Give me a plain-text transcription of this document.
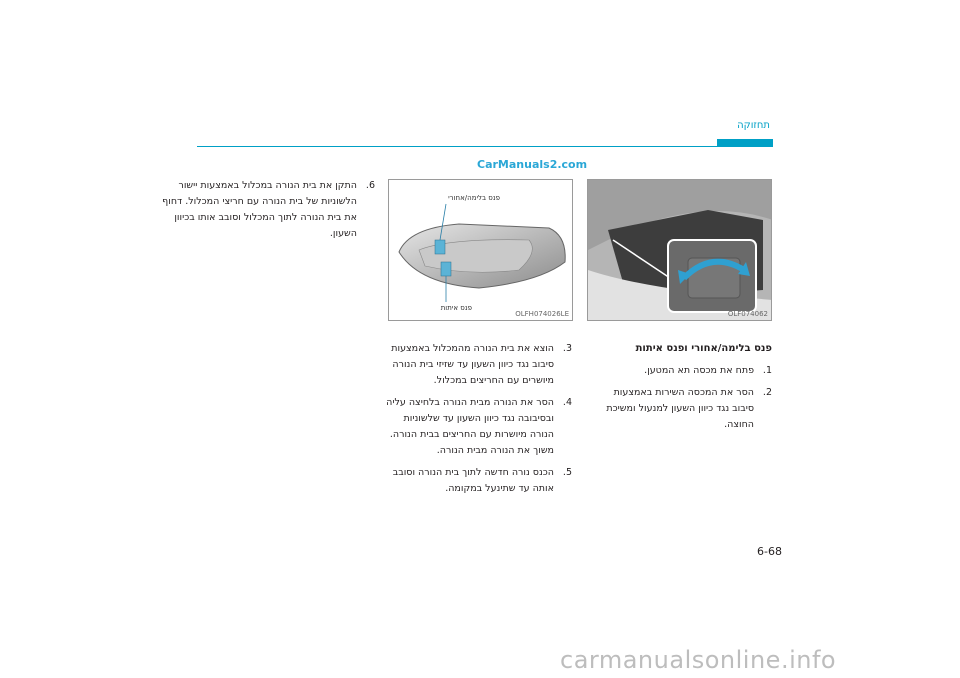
תחזוקה
CarManuals2.com
פנס בלימה/אחורי
פנס איתות
OLFH074026LE	OLF074062
פנס בלימה/אחורי ופנס איתות
1.

פתח את מכסה תא המטען.

2.

הסר את המכסה השירות באמצעות סיבוב נגד כיוון השעון למנעול ומשיכת החוצה.

3.

הוצא את בית הנורה מהמכלול באמצעות סיבוב נגד כיוון השעון עד שזיזי בית הנורה מיושרים עם החריצים במכלול.

4.

הסר את הנורה מבית הנורה בלחיצה עליה ובסיבובה נגד כיוון השעון עד שלשוניות הנורה מיושרות עם החריצים בבית הנורה. משוך את הנורה מבית הנורה.

5.

הכנס נורה חדשה לתוך בית הנורה וסובב אותה עד שתינעל במקומה.

6.

התקן את בית הנורה במכלול באמצעות יישור הלשוניות של בית הנורה עם חריצי המכלול. דחוף את בית הנורה לתוך המכלול וסובב אותו בכיוון השעון.

6-68
carmanualsonline.info
